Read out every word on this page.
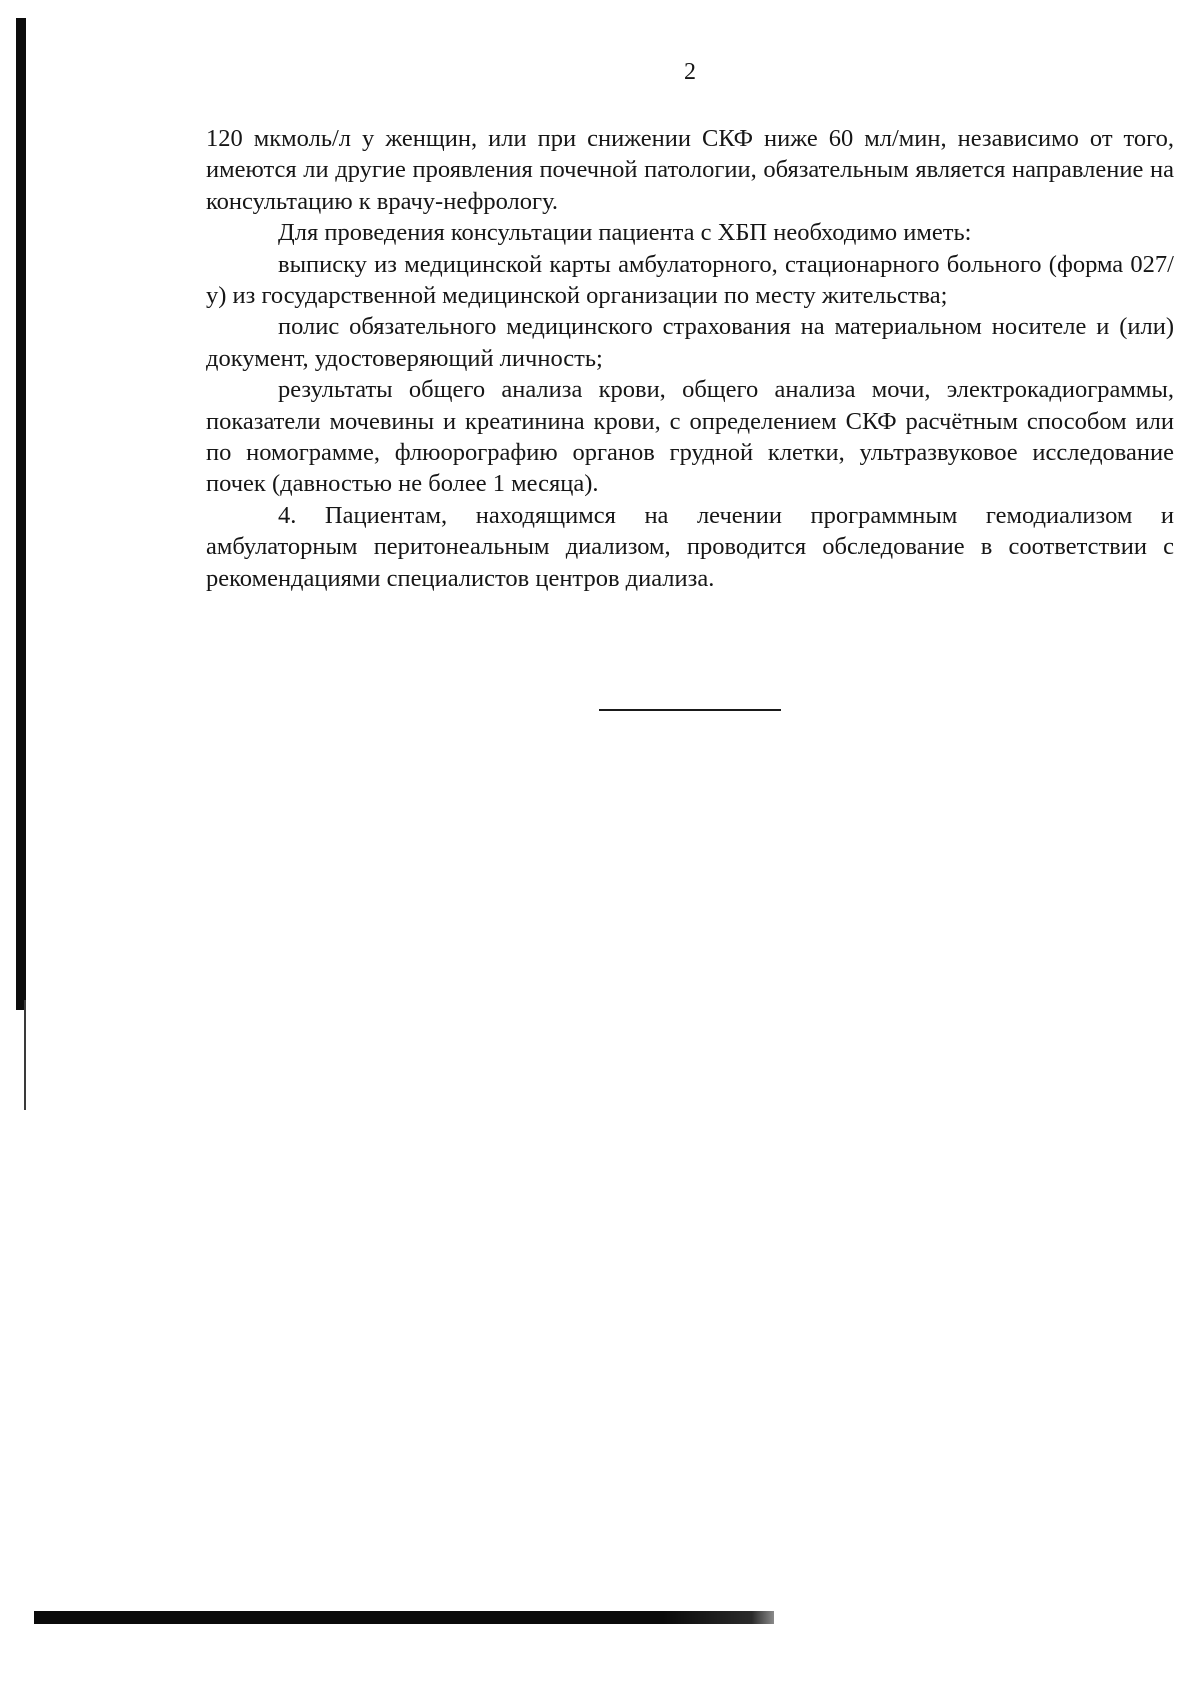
2

120 мкмоль/л у женщин, или при снижении СКФ ниже 60 мл/мин, независимо от того, имеются ли другие проявления почечной патологии, обязательным является направление на консультацию к врачу-нефрологу.

Для проведения консультации пациента с ХБП необходимо иметь:

выписку из медицинской карты амбулаторного, стационарного больного (форма 027/у) из государственной медицинской организации по месту жительства;

полис обязательного медицинского страхования на материальном носителе и (или) документ, удостоверяющий личность;

результаты общего анализа крови, общего анализа мочи, электрокадиограммы, показатели мочевины и креатинина крови, с определением СКФ расчётным способом или по номограмме, флюорографию органов грудной клетки, ультразвуковое исследование почек (давностью не более 1 месяца).

4. Пациентам, находящимся на лечении программным гемодиализом и амбулаторным перитонеальным диализом, проводится обследование в соответствии с рекомендациями специалистов центров диализа.
